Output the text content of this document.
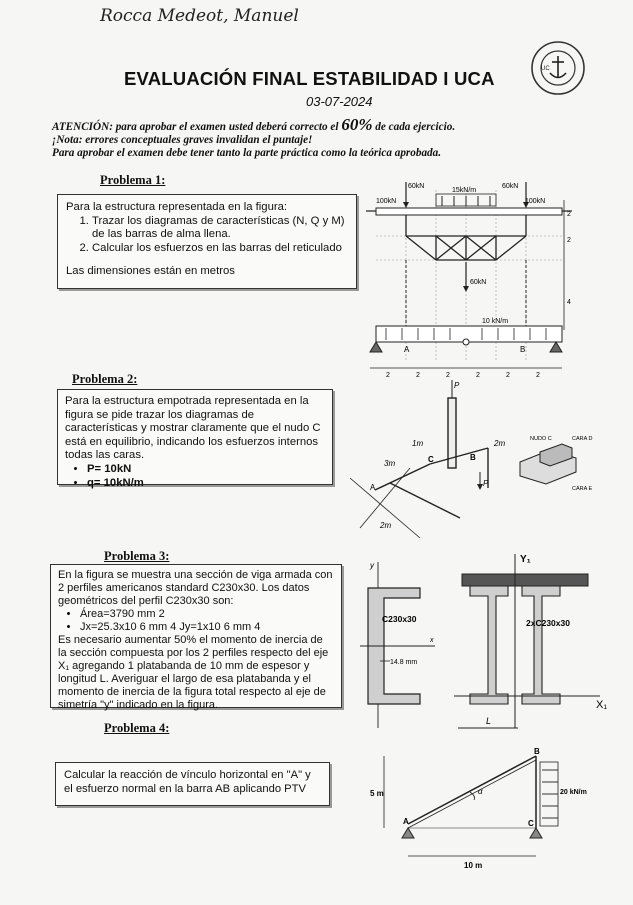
Rocca Medeot, Manuel
UC
EVALUACIÓN FINAL ESTABILIDAD I UCA
03-07-2024
ATENCIÓN: para aprobar el examen usted deberá correcto el 60% de cada ejercicio.
¡Nota: errores conceptuales graves invalidan el puntaje!
Para aprobar el examen debe tener tanto la parte práctica como la teórica aprobada.
Problema 1:
Para la estructura representada en la figura:
1. Trazar los diagramas de características (N, Q y M) de las barras de alma llena.
2. Calcular los esfuerzos en las barras del reticulado
Las dimensiones están en metros
15kN/m
60kN	60kN
100kN	100kN
60kN
10 kN/m
A	B
2	2	2	2	2	2
2
2
4
Problema 2:
Para la estructura empotrada representada en la figura se pide trazar los diagramas de características y mostrar claramente que el nudo C está en equilibrio, indicando los esfuerzos internos todas las caras.
• P= 10kN
• q= 10kN/m
P
1m
3m
2m
2m
C	B
A	P
NUDO C	CARA D
CARA E
Problema 3:
En la figura se muestra una sección de viga armada con 2 perfiles americanos standard C230x30. Los datos geométricos del perfil C230x30 son:
• Área=3790 mm 2
• Jx=25.3x10 6 mm 4 Jy=1x10 6 mm 4
Es necesario aumentar 50% el momento de inercia de la sección compuesta por los 2 perfiles respecto del eje X₁ agregando 1 platabanda de 10 mm de espesor y longitud L. Averiguar el largo de esa platabanda y el momento de inercia de la figura total respecto al eje de simetría "y" indicado en la figura.
y
C230x30
x
14.8 mm
Y₁
2xC230x30
X₁
L
Problema 4:
Calcular la reacción de vínculo horizontal en "A" y el esfuerzo normal en la barra AB aplicando PTV	20 kN/m
α
5 m
A
B
C
10 m
